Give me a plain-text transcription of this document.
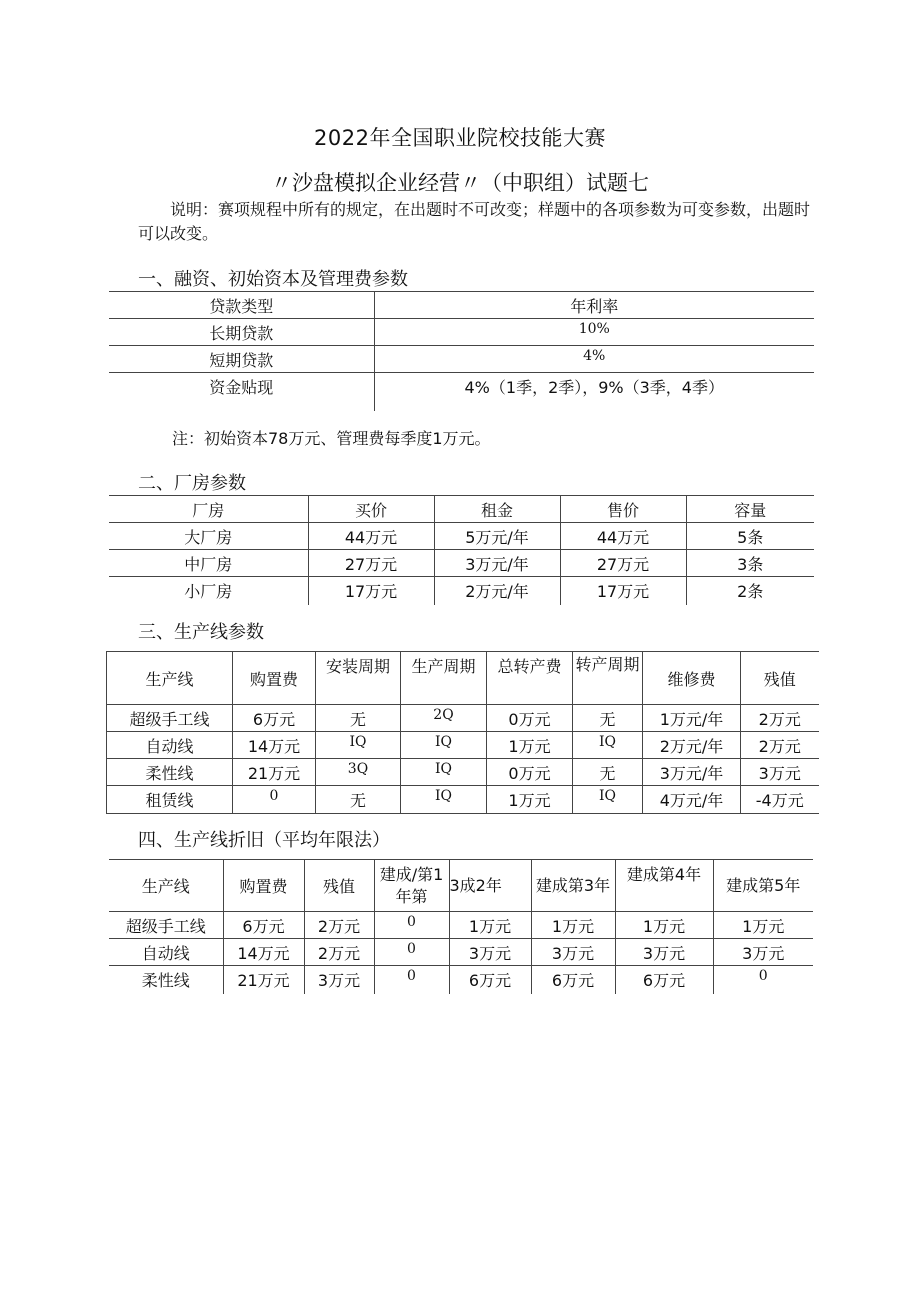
2022年全国职业院校技能大赛
〃沙盘模拟企业经营〃（中职组）试题七
说明：赛项规程中所有的规定，在出题时不可改变；样题中的各项参数为可变参数，出题时可以改变。
一、融资、初始资本及管理费参数
贷款类型	年利率
长期贷款	10%
短期贷款	4%
资金贴现	4%（1季，2季），9%（3季，4季）
注：初始资本78万元、管理费每季度1万元。
二、厂房参数
厂房	买价	租金	售价	容量
大厂房	44万元	5万元/年	44万元	5条
中厂房	27万元	3万元/年	27万元	3条
小厂房	17万元	2万元/年	17万元	2条
三、生产线参数
生产线	购置费	安装周期	生产周期	总转产费	转产周期	维修费	残值
超级手工线	6万元	无	2Q	0万元	无	1万元/年	2万元
自动线	14万元	IQ	IQ	1万元	IQ	2万元/年	2万元
柔性线	21万元	3Q	IQ	0万元	无	3万元/年	3万元
租赁线	0	无	IQ	1万元	IQ	4万元/年	-4万元
四、生产线折旧（平均年限法）
生产线	购置费	残值	建成/第1年第	3成2年	建成第3年	建成第4年	建成第5年
超级手工线	6万元	2万元	0	1万元	1万元	1万元	1万元
自动线	14万元	2万元	0	3万元	3万元	3万元	3万元
柔性线	21万元	3万元	0	6万元	6万元	6万元	0
